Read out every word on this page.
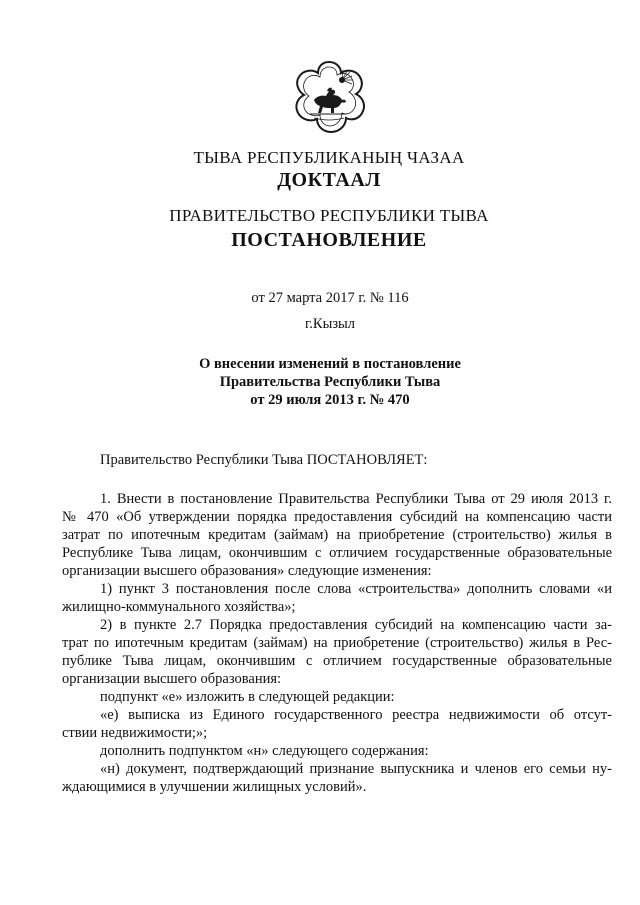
ТЫВА РЕСПУБЛИКАНЫҢ ЧАЗАА
ДОКТААЛ
ПРАВИТЕЛЬСТВО РЕСПУБЛИКИ ТЫВА
ПОСТАНОВЛЕНИЕ
от 27 марта 2017 г. № 116
г.Кызыл
О внесении изменений в постановление
Правительства Республики Тыва
от 29 июля 2013 г. № 470
Правительство Республики Тыва ПОСТАНОВЛЯЕТ:
1. Внести в постановление Правительства Республики Тыва от 29 июля 2013 г.
№ 470 «Об утверждении порядка предоставления субсидий на компенсацию части
затрат по ипотечным кредитам (займам) на приобретение (строительство) жилья в
Республике Тыва лицам, окончившим с отличием государственные образовательные
организации высшего образования» следующие изменения:
1) пункт 3 постановления после слова «строительства» дополнить словами «и
жилищно-коммунального хозяйства»;
2) в пункте 2.7 Порядка предоставления субсидий на компенсацию части за-
трат по ипотечным кредитам (займам) на приобретение (строительство) жилья в Рес-
публике Тыва лицам, окончившим с отличием государственные образовательные
организации высшего образования:
подпункт «е» изложить в следующей редакции:
«е) выписка из Единого государственного реестра недвижимости об отсут-
ствии недвижимости;»;
дополнить подпунктом «н» следующего содержания:
«н) документ, подтверждающий признание выпускника и членов его семьи ну-
ждающимися в улучшении жилищных условий».
